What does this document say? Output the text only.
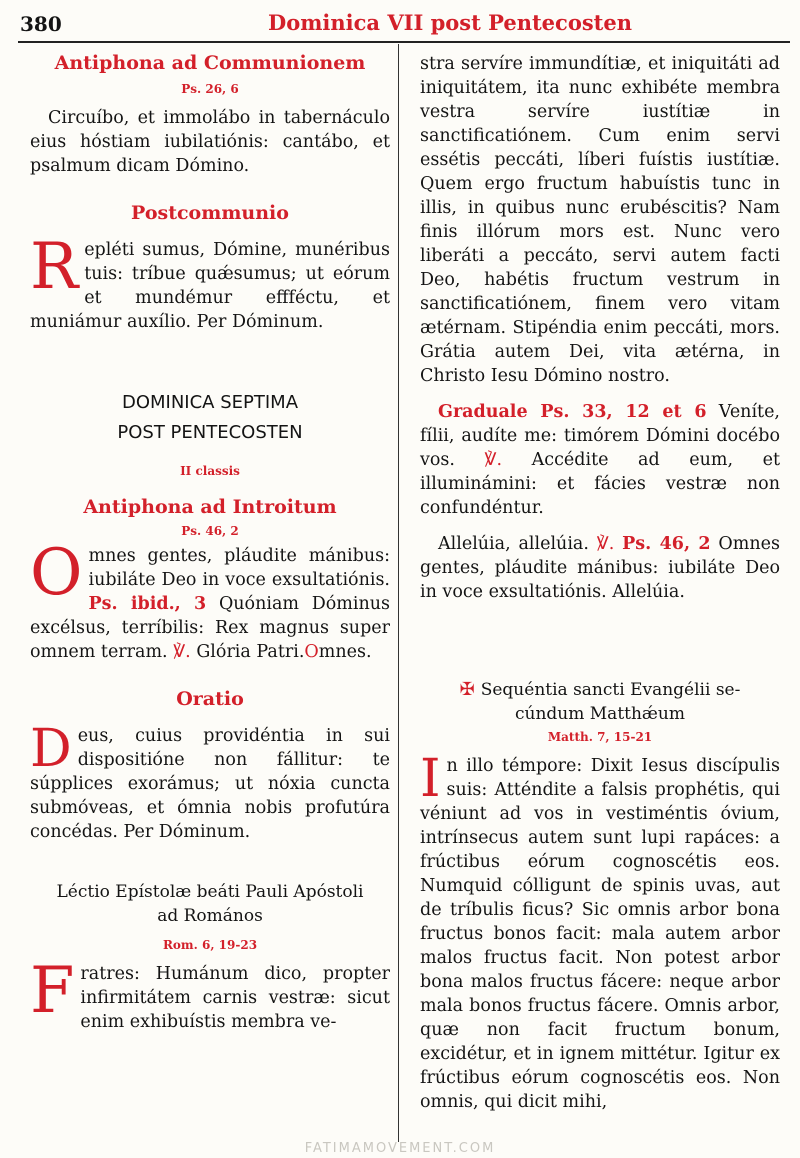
380	Dominica VII post Pentecosten
Antiphona ad Communionem
Ps. 26, 6

Circuíbo, et immolábo in tabernáculo eius hóstiam iubilatiónis: cantábo, et psalmum dicam Dómino.

Postcommunio
R epléti sumus, Dómine, munéribus tuis: tríbue quǽsumus; ut eórum et mundémur effféctu, et muniámur auxílio. Per Dóminum.
DOMINICA SEPTIMA
POST PENTECOSTEN
II classis
Antiphona ad Introitum
Ps. 46, 2
O mnes gentes, pláudite mánibus: iubiláte Deo in voce exsultatiónis. Ps. ibid., 3 Quóniam Dóminus excélsus, terríbilis: Rex magnus super omnem terram. ℣. Glória Patri.Omnes.
Oratio
D eus, cuius providéntia in sui dispositióne non fállitur: te súpplices exorámus; ut nóxia cuncta submóveas, et ómnia nobis profutúra concédas. Per Dóminum.
Léctio Epístolæ beáti Pauli Apóstoli
ad Romános
Rom. 6, 19-23
F ratres: Humánum dico, propter infirmitátem carnis vestræ: sicut enim exhibuístis membra ve-

stra servíre immundítiæ, et iniquitáti ad iniquitátem, ita nunc exhibéte membra vestra servíre iustítiæ in sanctificatiónem. Cum enim servi essétis peccáti, líberi fuístis iustítiæ. Quem ergo fructum habuístis tunc in illis, in quibus nunc erubéscitis? Nam finis illórum mors est. Nunc vero liberáti a peccáto, servi autem facti Deo, habétis fructum vestrum in sanctificatiónem, finem vero vitam ætérnam. Stipéndia enim peccáti, mors. Grátia autem Dei, vita ætérna, in Christo Iesu Dómino nostro.

Graduale Ps. 33, 12 et 6 Veníte, fílii, audíte me: timórem Dómini docébo vos. ℣. Accédite ad eum, et illuminámini: et fácies vestræ non confundéntur.

Allelúia, allelúia. ℣. Ps. 46, 2 Omnes gentes, pláudite mánibus: iubiláte Deo in voce exsultatiónis. Allelúia.

✠ Sequéntia sancti Evangélii se-
cúndum Matthǽum
Matth. 7, 15-21
I n illo témpore: Dixit Iesus discípulis suis: Atténdite a falsis prophétis, qui véniunt ad vos in vestiméntis óvium, intrínsecus autem sunt lupi rapáces: a frúctibus eórum cognoscétis eos. Numquid cólligunt de spinis uvas, aut de tríbulis ficus? Sic omnis arbor bona fructus bonos facit: mala autem arbor malos fructus facit. Non potest arbor bona malos fructus fácere: neque arbor mala bonos fructus fácere. Omnis arbor, quæ non facit fructum bonum, excidétur, et in ignem mittétur. Igitur ex frúctibus eórum cognoscétis eos. Non omnis, qui dicit mihi,
FATIMAMOVEMENT.COM
